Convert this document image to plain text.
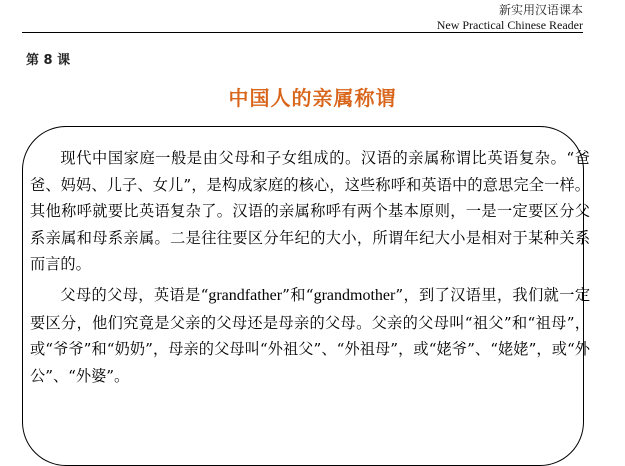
新实用汉语课本
New Practical Chinese Reader
第 8 课
中国人的亲属称谓

现代中国家庭一般是由父母和子女组成的。汉语的亲属称谓比英语复杂。“爸爸、妈妈、儿子、女儿”，是构成家庭的核心，这些称呼和英语中的意思完全一样。其他称呼就要比英语复杂了。汉语的亲属称呼有两个基本原则，一是一定要区分父系亲属和母系亲属。二是往往要区分年纪的大小，所谓年纪大小是相对于某种关系而言的。

父母的父母，英语是“grandfather”和“grandmother”，到了汉语里，我们就一定要区分，他们究竟是父亲的父母还是母亲的父母。父亲的父母叫“祖父”和“祖母”，或“爷爷”和“奶奶”，母亲的父母叫“外祖父”、“外祖母”，或“姥爷”、“姥姥”，或“外公”、“外婆”。
